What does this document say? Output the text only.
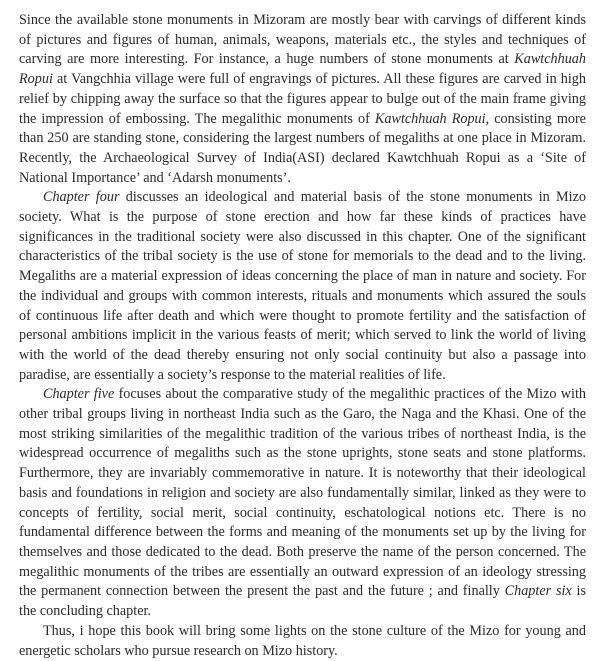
Since the available stone monuments in Mizoram are mostly bear with carvings of different kinds of pictures and figures of human, animals, weapons, materials etc., the styles and techniques of carving are more interesting. For instance, a huge numbers of stone monuments at Kawtchhuah Ropui at Vangchhia village were full of engravings of pictures. All these figures are carved in high relief by chipping away the surface so that the figures appear to bulge out of the main frame giving the impression of embossing. The megalithic monuments of Kawtchhuah Ropui, consisting more than 250 are standing stone, considering the largest numbers of megaliths at one place in Mizoram. Recently, the Archaeological Survey of India(ASI) declared Kawtchhuah Ropui as a ‘Site of National Importance’ and ‘Adarsh monuments’.

Chapter four discusses an ideological and material basis of the stone monuments in Mizo society. What is the purpose of stone erection and how far these kinds of practices have significances in the traditional society were also discussed in this chapter. One of the significant characteristics of the tribal society is the use of stone for memorials to the dead and to the living. Megaliths are a material expression of ideas concerning the place of man in nature and society. For the individual and groups with common interests, rituals and monuments which assured the souls of continuous life after death and which were thought to promote fertility and the satisfaction of personal ambitions implicit in the various feasts of merit; which served to link the world of living with the world of the dead thereby ensuring not only social continuity but also a passage into paradise, are essentially a society’s response to the material realities of life.

Chapter five focuses about the comparative study of the megalithic practices of the Mizo with other tribal groups living in northeast India such as the Garo, the Naga and the Khasi. One of the most striking similarities of the megalithic tradition of the various tribes of northeast India, is the widespread occurrence of megaliths such as the stone uprights, stone seats and stone platforms. Furthermore, they are invariably commemorative in nature. It is noteworthy that their ideological basis and foundations in religion and society are also fundamentally similar, linked as they were to concepts of fertility, social merit, social continuity, eschatological notions etc. There is no fundamental difference between the forms and meaning of the monuments set up by the living for themselves and those dedicated to the dead. Both preserve the name of the person concerned. The megalithic monuments of the tribes are essentially an outward expression of an ideology stressing the permanent connection between the present the past and the future ; and finally Chapter six is the concluding chapter.

Thus, i hope this book will bring some lights on the stone culture of the Mizo for young and energetic scholars who pursue research on Mizo history.
